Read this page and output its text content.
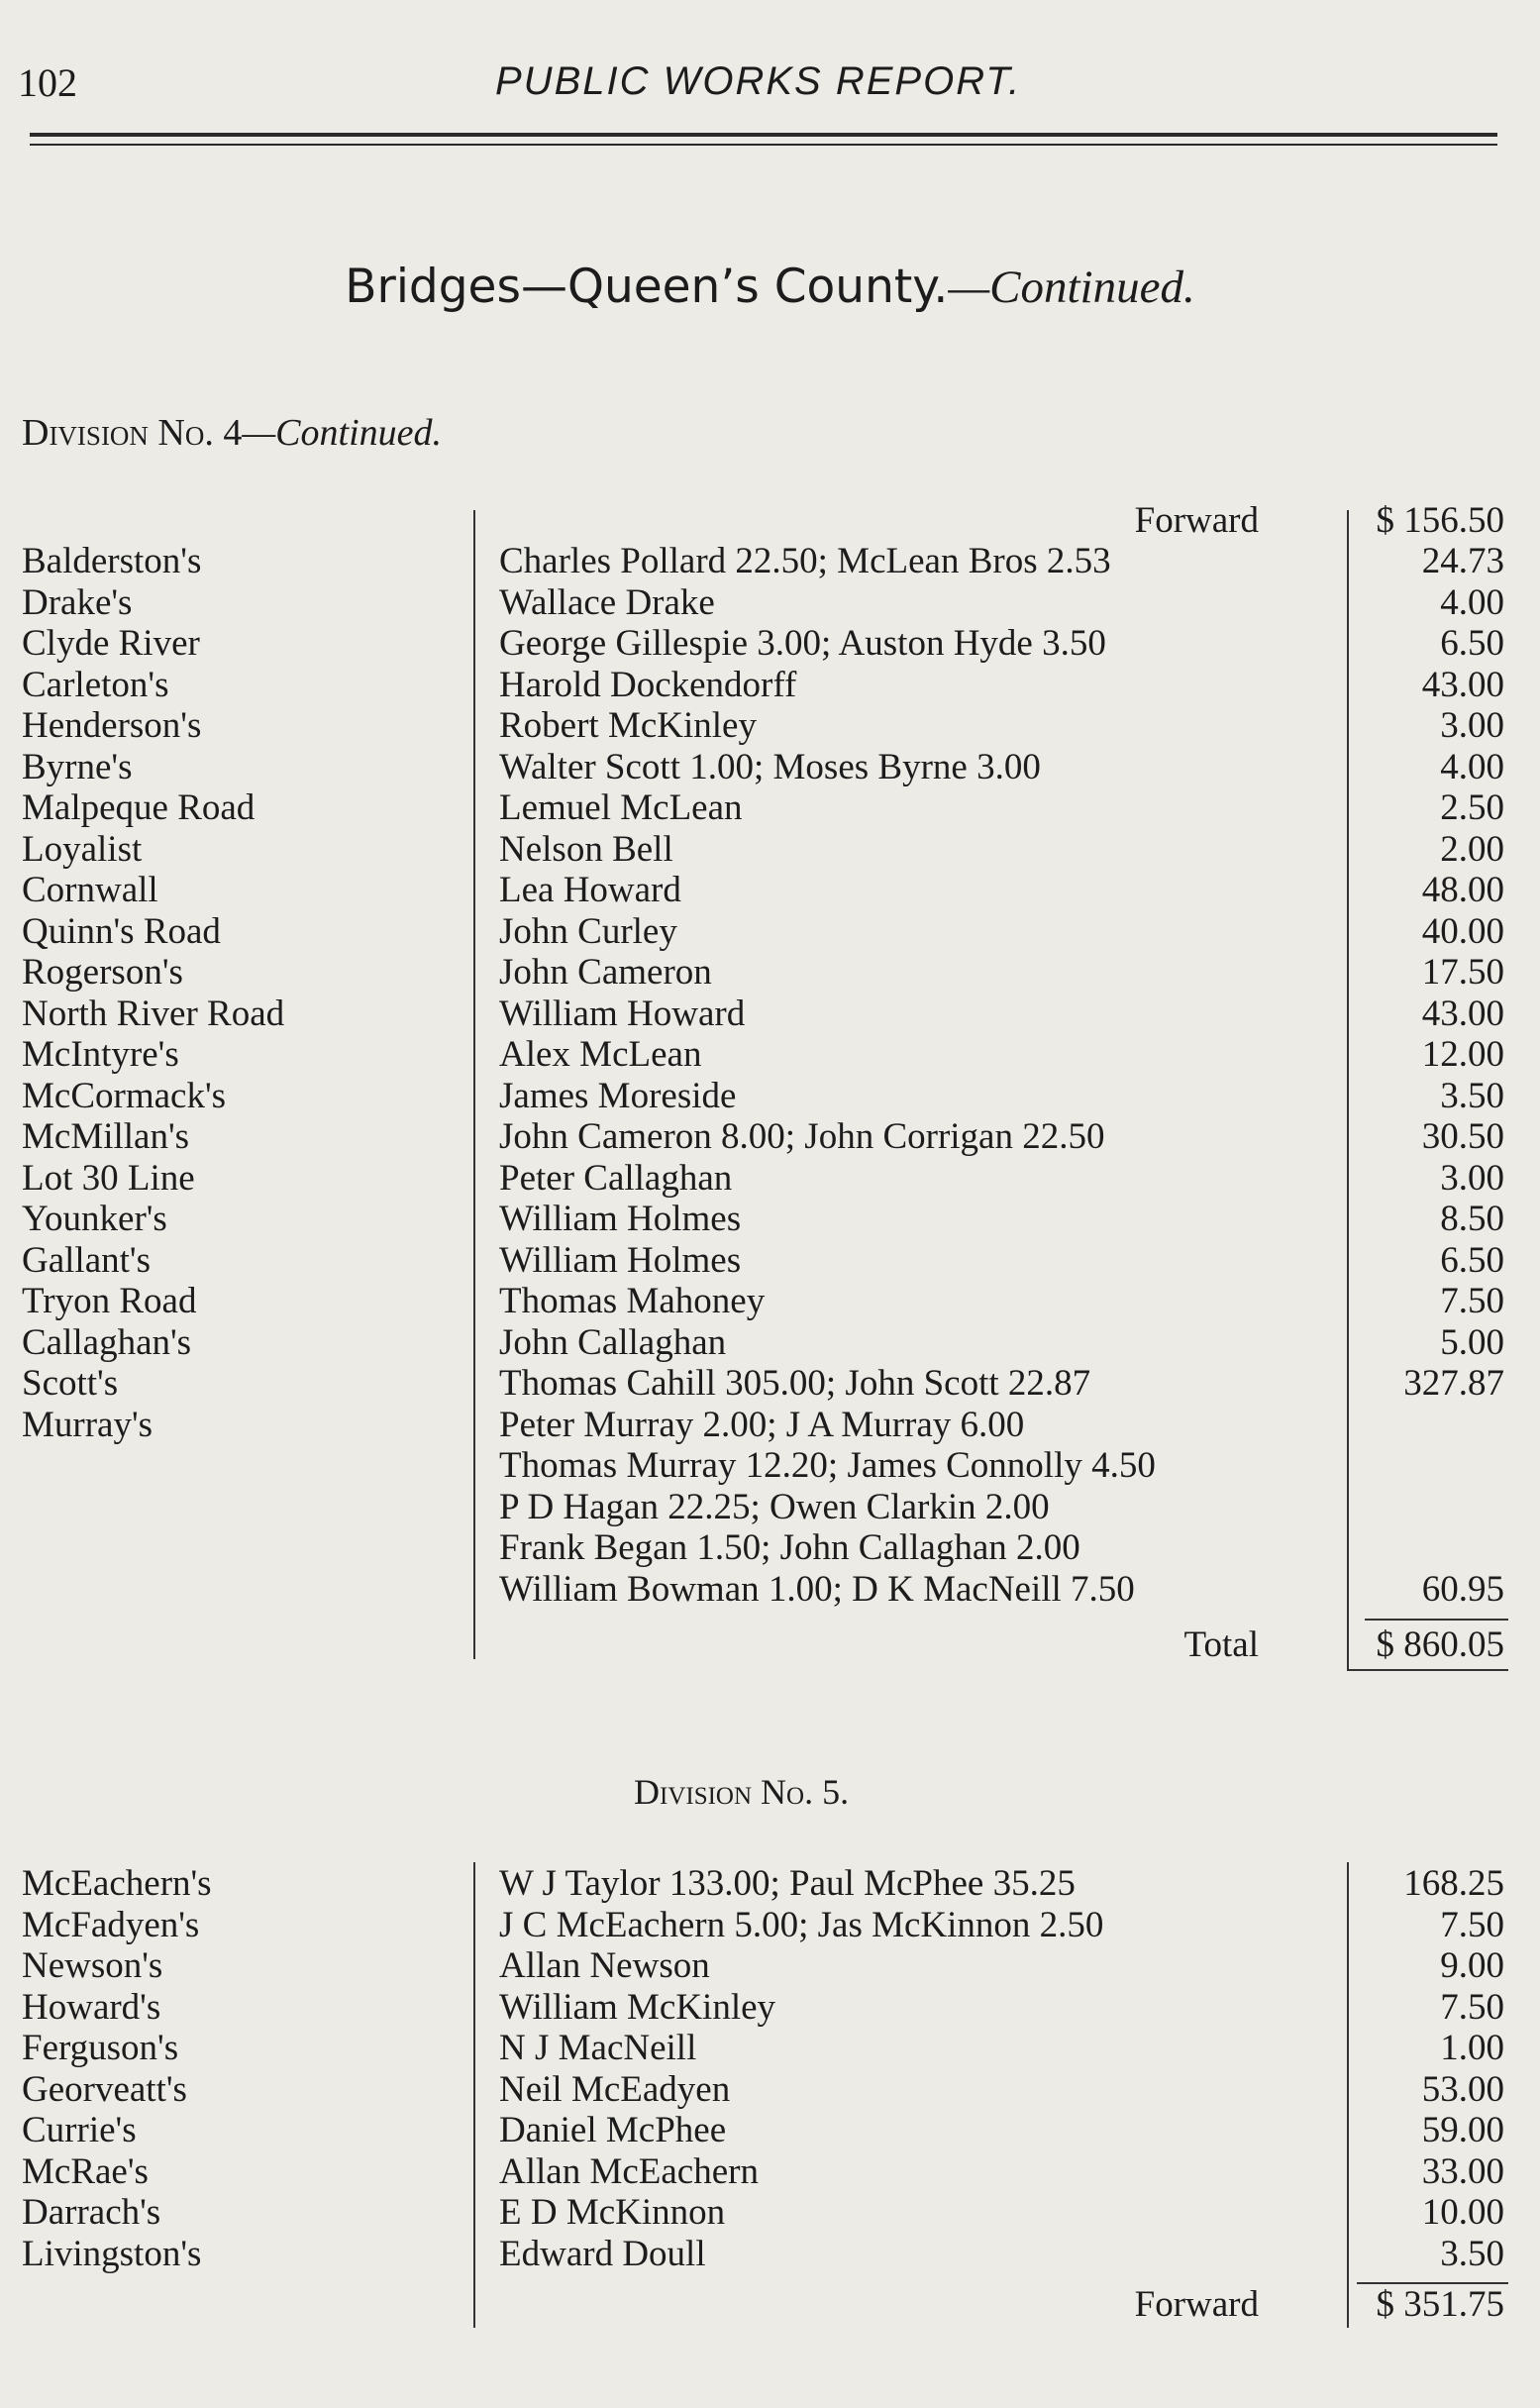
102	PUBLIC WORKS REPORT.
Bridges—Queen’s County.—Continued.
Division No. 4—Continued.
Forward	$ 156.50
Balderston's	Charles Pollard 22.50; McLean Bros 2.53	24.73
Drake's	Wallace Drake	4.00
Clyde River	George Gillespie 3.00; Auston Hyde 3.50	6.50
Carleton's	Harold Dockendorff	43.00
Henderson's	Robert McKinley	3.00
Byrne's	Walter Scott 1.00; Moses Byrne 3.00	4.00
Malpeque Road	Lemuel McLean	2.50
Loyalist	Nelson Bell	2.00
Cornwall	Lea Howard	48.00
Quinn's Road	John Curley	40.00
Rogerson's	John Cameron	17.50
North River Road	William Howard	43.00
McIntyre's	Alex McLean	12.00
McCormack's	James Moreside	3.50
McMillan's	John Cameron 8.00; John Corrigan 22.50	30.50
Lot 30 Line	Peter Callaghan	3.00
Younker's	William Holmes	8.50
Gallant's	William Holmes	6.50
Tryon Road	Thomas Mahoney	7.50
Callaghan's	John Callaghan	5.00
Scott's	Thomas Cahill 305.00; John Scott 22.87	327.87
Murray's	Peter Murray 2.00; J A Murray 6.00
Thomas Murray 12.20; James Connolly 4.50
P D Hagan 22.25; Owen Clarkin 2.00
Frank Began 1.50; John Callaghan 2.00
William Bowman 1.00; D K MacNeill 7.50	60.95
Total	$ 860.05
Division No. 5.
McEachern's	W J Taylor 133.00; Paul McPhee 35.25	168.25
McFadyen's	J C McEachern 5.00; Jas McKinnon 2.50	7.50
Newson's	Allan Newson	9.00
Howard's	William McKinley	7.50
Ferguson's	N J MacNeill	1.00
Georveatt's	Neil McEadyen	53.00
Currie's	Daniel McPhee	59.00
McRae's	Allan McEachern	33.00
Darrach's	E D McKinnon	10.00
Livingston's	Edward Doull	3.50
Forward	$ 351.75
